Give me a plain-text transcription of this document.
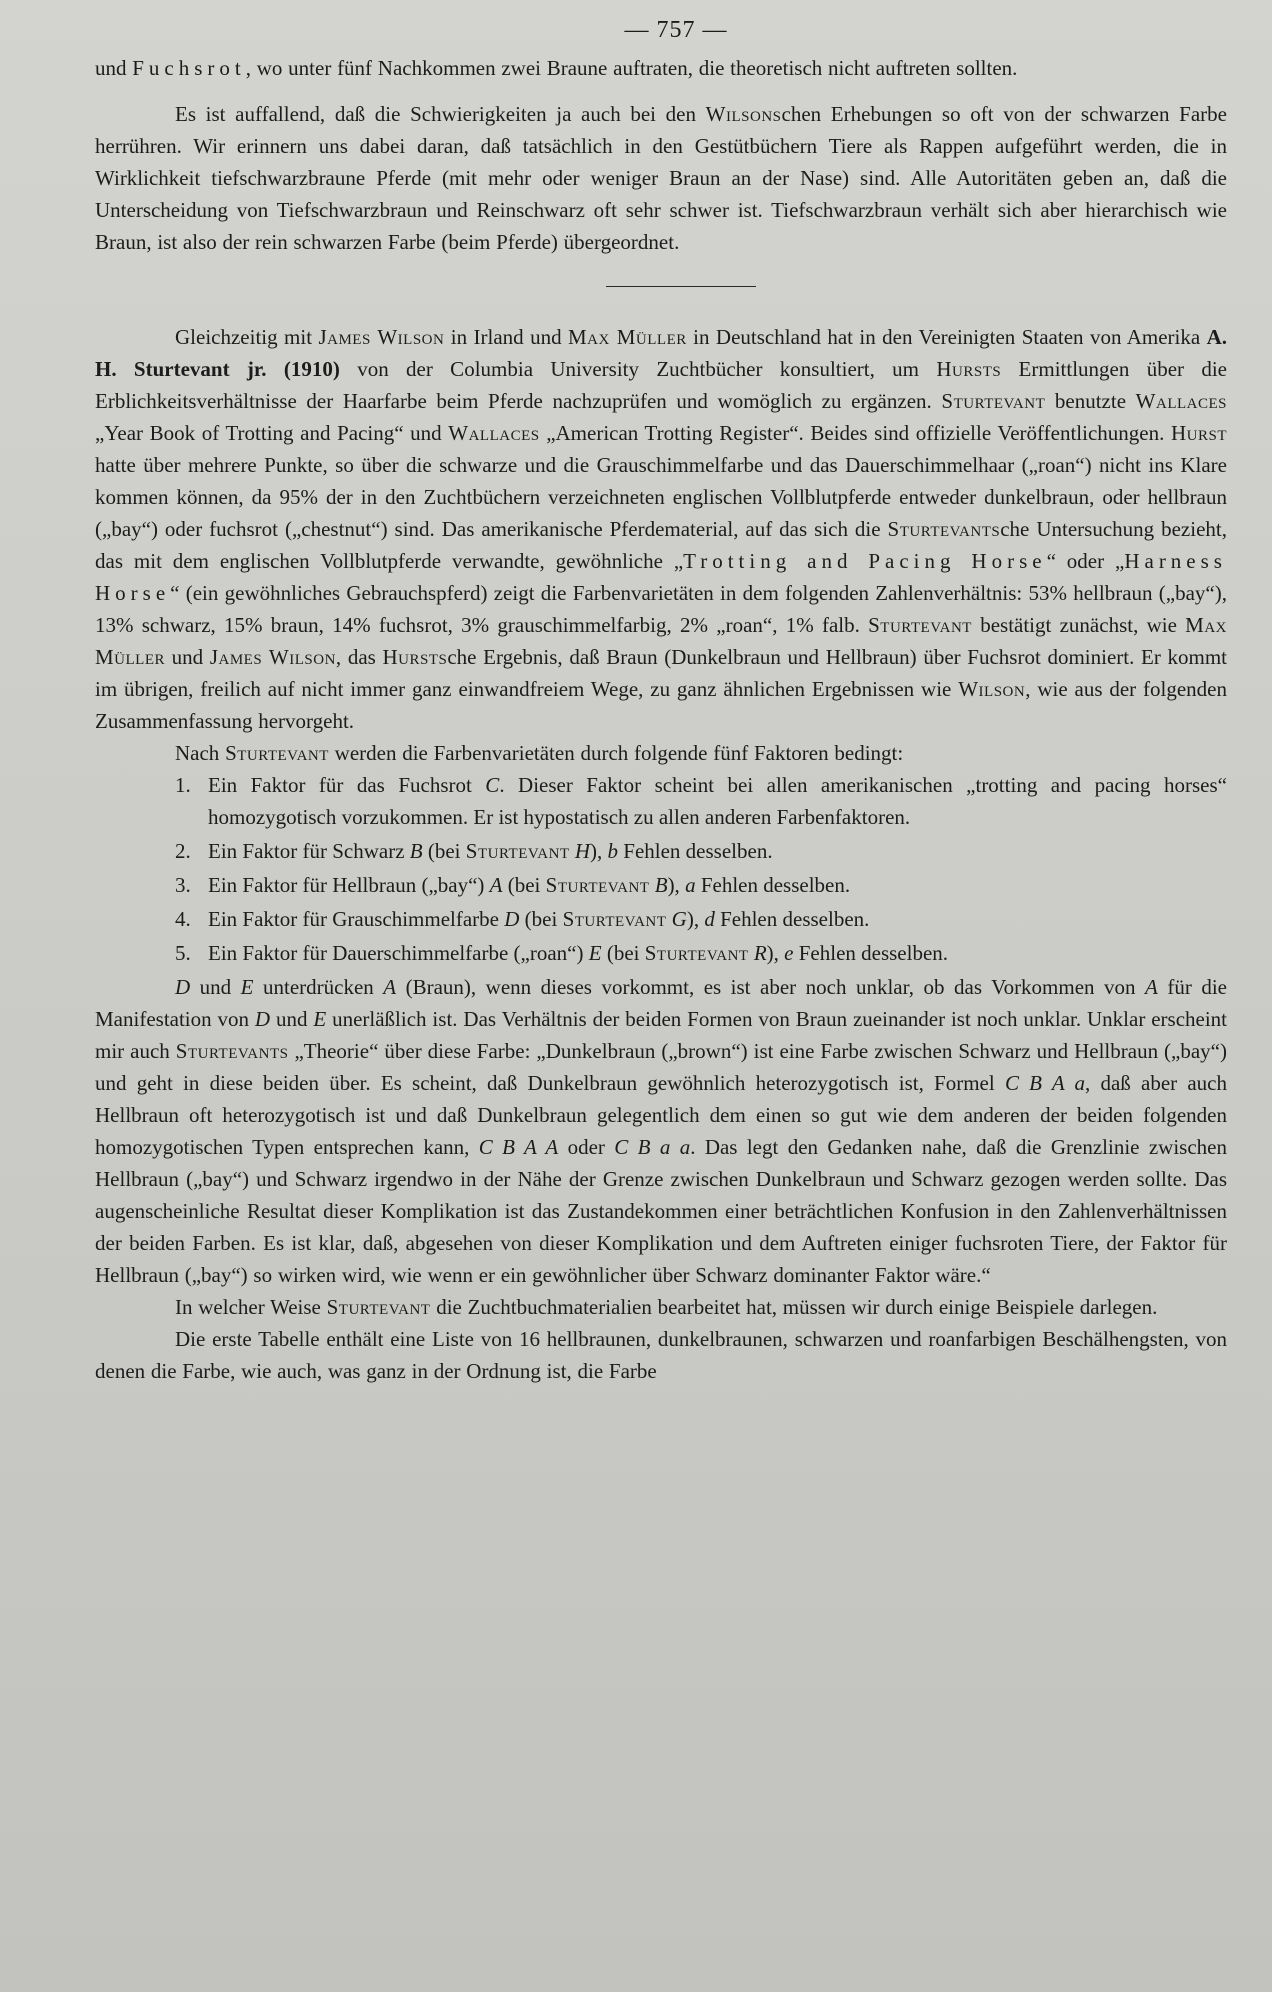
— 757 —

und Fuchsrot, wo unter fünf Nachkommen zwei Braune auftraten, die theoretisch nicht auftreten sollten.

Es ist auffallend, daß die Schwierigkeiten ja auch bei den Wilsonschen Erhebungen so oft von der schwarzen Farbe herrühren. Wir erinnern uns dabei daran, daß tatsächlich in den Gestütbüchern Tiere als Rappen aufgeführt werden, die in Wirklichkeit tiefschwarzbraune Pferde (mit mehr oder weniger Braun an der Nase) sind. Alle Autoritäten geben an, daß die Unterscheidung von Tiefschwarzbraun und Reinschwarz oft sehr schwer ist. Tiefschwarzbraun verhält sich aber hierarchisch wie Braun, ist also der rein schwarzen Farbe (beim Pferde) übergeordnet.

Gleichzeitig mit James Wilson in Irland und Max Müller in Deutschland hat in den Vereinigten Staaten von Amerika A. H. Sturtevant jr. (1910) von der Columbia University Zuchtbücher konsultiert, um Hursts Ermittlungen über die Erblichkeitsverhältnisse der Haarfarbe beim Pferde nachzuprüfen und womöglich zu ergänzen. Sturtevant benutzte Wallaces „Year Book of Trotting and Pacing“ und Wallaces „American Trotting Register“. Beides sind offizielle Veröffentlichungen. Hurst hatte über mehrere Punkte, so über die schwarze und die Grauschimmelfarbe und das Dauerschimmelhaar („roan“) nicht ins Klare kommen können, da 95% der in den Zuchtbüchern verzeichneten englischen Vollblutpferde entweder dunkelbraun, oder hellbraun („bay“) oder fuchsrot („chestnut“) sind. Das amerikanische Pferdematerial, auf das sich die Sturtevantsche Untersuchung bezieht, das mit dem englischen Vollblutpferde verwandte, gewöhnliche „Trotting and Pacing Horse“ oder „Harness Horse“ (ein gewöhnliches Gebrauchspferd) zeigt die Farbenvarietäten in dem folgenden Zahlenverhältnis: 53% hellbraun („bay“), 13% schwarz, 15% braun, 14% fuchsrot, 3% grauschimmelfarbig, 2% „roan“, 1% falb. Sturtevant bestätigt zunächst, wie Max Müller und James Wilson, das Hurstsche Ergebnis, daß Braun (Dunkelbraun und Hellbraun) über Fuchsrot dominiert. Er kommt im übrigen, freilich auf nicht immer ganz einwandfreiem Wege, zu ganz ähnlichen Ergebnissen wie Wilson, wie aus der folgenden Zusammenfassung hervorgeht.

Nach Sturtevant werden die Farbenvarietäten durch folgende fünf Faktoren bedingt:

1. Ein Faktor für das Fuchsrot C. Dieser Faktor scheint bei allen amerikanischen „trotting and pacing horses“ homozygotisch vorzukommen. Er ist hypostatisch zu allen anderen Farbenfaktoren.
2. Ein Faktor für Schwarz B (bei Sturtevant H), b Fehlen desselben.
3. Ein Faktor für Hellbraun („bay“) A (bei Sturtevant B), a Fehlen desselben.
4. Ein Faktor für Grauschimmelfarbe D (bei Sturtevant G), d Fehlen desselben.
5. Ein Faktor für Dauerschimmelfarbe („roan“) E (bei Sturtevant R), e Fehlen desselben.

D und E unterdrücken A (Braun), wenn dieses vorkommt, es ist aber noch unklar, ob das Vorkommen von A für die Manifestation von D und E unerläßlich ist. Das Verhältnis der beiden Formen von Braun zueinander ist noch unklar. Unklar erscheint mir auch Sturtevants „Theorie“ über diese Farbe: „Dunkelbraun („brown“) ist eine Farbe zwischen Schwarz und Hellbraun („bay“) und geht in diese beiden über. Es scheint, daß Dunkelbraun gewöhnlich heterozygotisch ist, Formel C B A a, daß aber auch Hellbraun oft heterozygotisch ist und daß Dunkelbraun gelegentlich dem einen so gut wie dem anderen der beiden folgenden homozygotischen Typen entsprechen kann, C B A A oder C B a a. Das legt den Gedanken nahe, daß die Grenzlinie zwischen Hellbraun („bay“) und Schwarz irgendwo in der Nähe der Grenze zwischen Dunkelbraun und Schwarz gezogen werden sollte. Das augenscheinliche Resultat dieser Komplikation ist das Zustandekommen einer beträchtlichen Konfusion in den Zahlenverhältnissen der beiden Farben. Es ist klar, daß, abgesehen von dieser Komplikation und dem Auftreten einiger fuchsroten Tiere, der Faktor für Hellbraun („bay“) so wirken wird, wie wenn er ein gewöhnlicher über Schwarz dominanter Faktor wäre.“

In welcher Weise Sturtevant die Zuchtbuchmaterialien bearbeitet hat, müssen wir durch einige Beispiele darlegen.

Die erste Tabelle enthält eine Liste von 16 hellbraunen, dunkelbraunen, schwarzen und roanfarbigen Beschälhengsten, von denen die Farbe, wie auch, was ganz in der Ordnung ist, die Farbe
